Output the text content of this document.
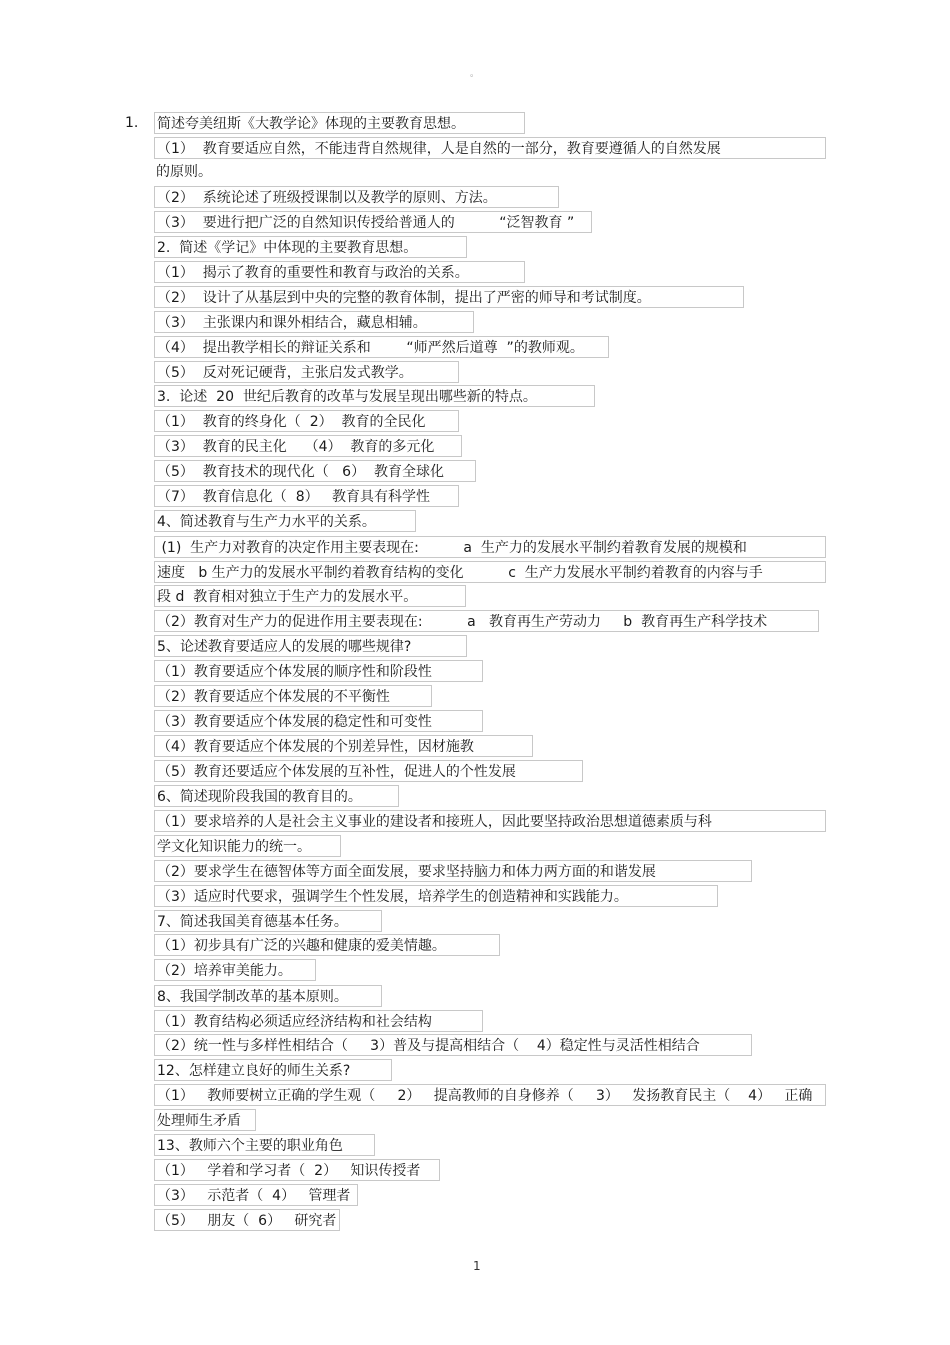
。
1. 简述夸美纽斯《大教学论》体现的主要教育思想。
（1）  教育要适应自然，不能违背自然规律，人是自然的一部分，教育要遵循人的自然发展
的原则。
（2）  系统论述了班级授课制以及教学的原则、方法。
（3）  要进行把广泛的自然知识传授给普通人的          “泛智教育 ”
2.  简述《学记》中体现的主要教育思想。
（1）  揭示了教育的重要性和教育与政治的关系。
（2）  设计了从基层到中央的完整的教育体制，提出了严密的师导和考试制度。
（3）  主张课内和课外相结合，藏息相辅。
（4）  提出教学相长的辩证关系和        “师严然后道尊  ”的教师观。
（5）  反对死记硬背，主张启发式教学。
3.  论述  20  世纪后教育的改革与发展呈现出哪些新的特点。
（1）  教育的终身化（  2）  教育的全民化
（3）  教育的民主化    （4）  教育的多元化
（5）  教育技术的现代化（   6）  教育全球化
（7）  教育信息化（  8）   教育具有科学性
4、简述教育与生产力水平的关系。
(1)  生产力对教育的决定作用主要表现在:          a  生产力的发展水平制约着教育发展的规模和
速度   b 生产力的发展水平制约着教育结构的变化          c  生产力发展水平制约着教育的内容与手
段 d  教育相对独立于生产力的发展水平。
（2）教育对生产力的促进作用主要表现在:          a   教育再生产劳动力     b  教育再生产科学技术
5、论述教育要适应人的发展的哪些规律?
（1）教育要适应个体发展的顺序性和阶段性
（2）教育要适应个体发展的不平衡性
（3）教育要适应个体发展的稳定性和可变性
（4）教育要适应个体发展的个别差异性，因材施教
（5）教育还要适应个体发展的互补性，促进人的个性发展
6、简述现阶段我国的教育目的。
（1）要求培养的人是社会主义事业的建设者和接班人，因此要坚持政治思想道德素质与科
学文化知识能力的统一。
（2）要求学生在德智体等方面全面发展，要求坚持脑力和体力两方面的和谐发展
（3）适应时代要求，强调学生个性发展，培养学生的创造精神和实践能力。
7、简述我国美育德基本任务。
（1）初步具有广泛的兴趣和健康的爱美情趣。
（2）培养审美能力。
8、我国学制改革的基本原则。
（1）教育结构必须适应经济结构和社会结构
（2）统一性与多样性相结合（     3）普及与提高相结合（    4）稳定性与灵活性相结合
12、怎样建立良好的师生关系?
（1）   教师要树立正确的学生观（     2）   提高教师的自身修养（     3）   发扬教育民主（    4）   正确
处理师生矛盾
13、教师六个主要的职业角色
（1）   学着和学习者（  2）   知识传授者
（3）   示范者（  4）   管理者
（5）   朋友（  6）   研究者
1
